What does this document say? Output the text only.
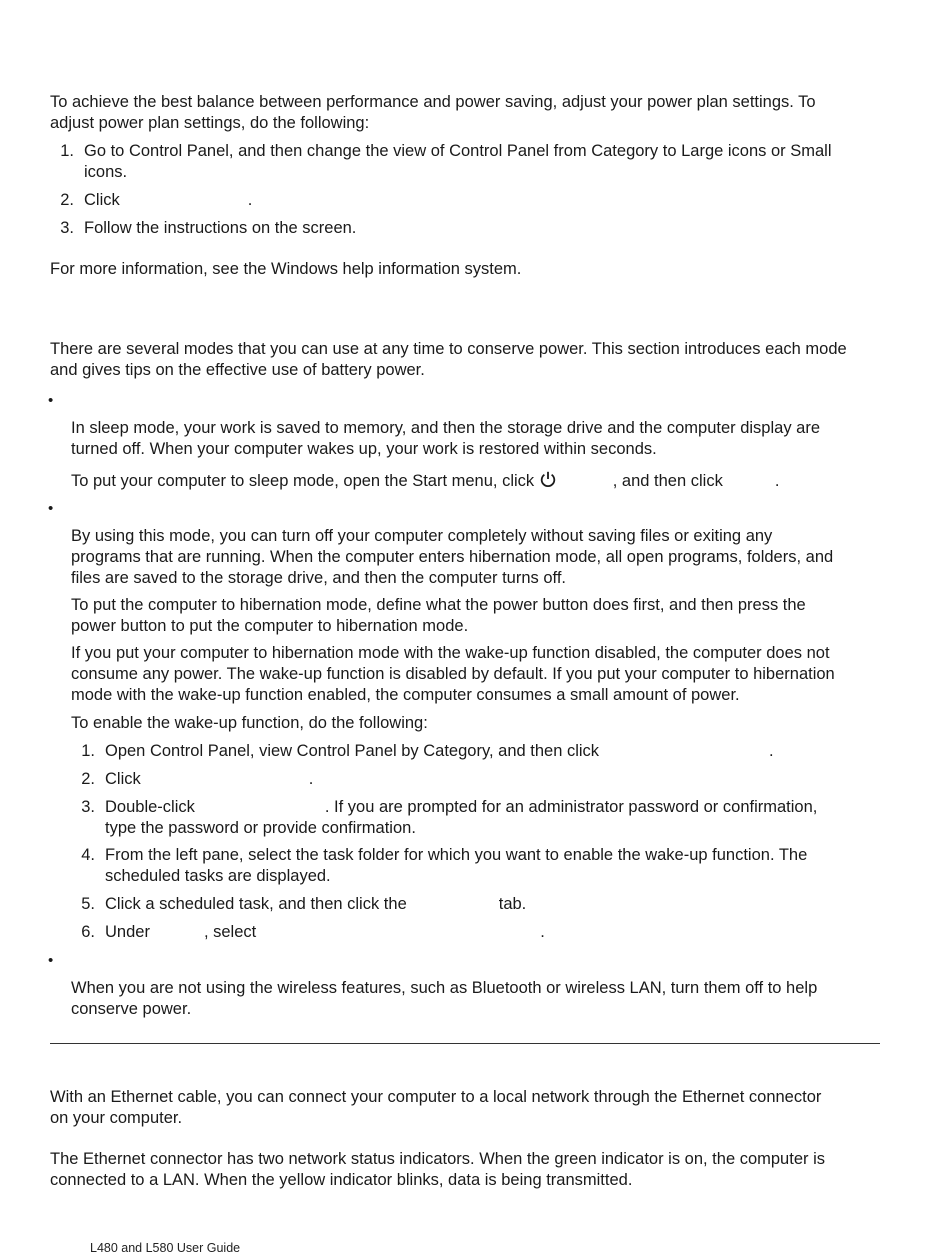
To achieve the best balance between performance and power saving, adjust your power plan settings. To
adjust power plan settings, do the following:
1. Go to Control Panel, and then change the view of Control Panel from Category to Large icons or Small
icons.
2. Click	.
3. Follow the instructions on the screen.
For more information, see the Windows help information system.
There are several modes that you can use at any time to conserve power. This section introduces each mode
and gives tips on the effective use of battery power.
•
In sleep mode, your work is saved to memory, and then the storage drive and the computer display are
turned off. When your computer wakes up, your work is restored within seconds.
To put your computer to sleep mode, open the Start menu, click	, and then click	.
•
By using this mode, you can turn off your computer completely without saving files or exiting any
programs that are running. When the computer enters hibernation mode, all open programs, folders, and
files are saved to the storage drive, and then the computer turns off.
To put the computer to hibernation mode, define what the power button does first, and then press the
power button to put the computer to hibernation mode.
If you put your computer to hibernation mode with the wake-up function disabled, the computer does not
consume any power. The wake-up function is disabled by default. If you put your computer to hibernation
mode with the wake-up function enabled, the computer consumes a small amount of power.
To enable the wake-up function, do the following:
1. Open Control Panel, view Control Panel by Category, and then click	.
2. Click	.
3. Double-click	. If you are prompted for an administrator password or confirmation,
type the password or provide confirmation.
4. From the left pane, select the task folder for which you want to enable the wake-up function. The
scheduled tasks are displayed.
5. Click a scheduled task, and then click the	tab.
6. Under	, select	.
•
When you are not using the wireless features, such as Bluetooth or wireless LAN, turn them off to help
conserve power.
With an Ethernet cable, you can connect your computer to a local network through the Ethernet connector
on your computer.
The Ethernet connector has two network status indicators. When the green indicator is on, the computer is
connected to a LAN. When the yellow indicator blinks, data is being transmitted.
L480 and L580 User Guide
